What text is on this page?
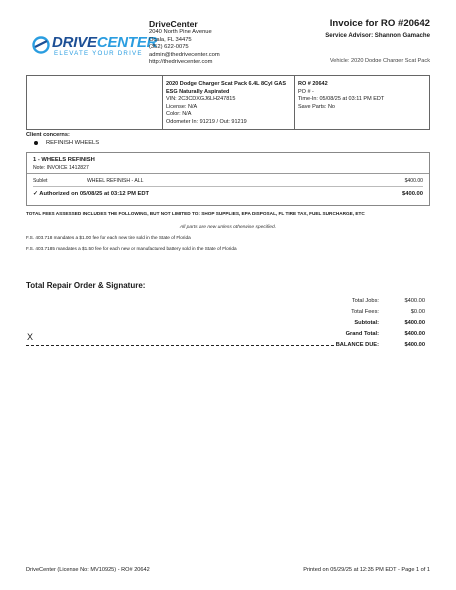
DRIVECENTER
ELEVATE YOUR DRIVE
DriveCenter
2040 North Pine Avenue
Ocala, FL 34475
(352) 622-0075
admin@thedrivecenter.com
http://thedrivecenter.com
Invoice for RO #20642
Service Advisor: Shannon Gamache
Vehicle: 2020 Dodge Charger Scat Pack
2020 Dodge Charger Scat Pack 6.4L 8Cyl GAS
ESG Naturally Aspirated
VIN: 2C3CDXGJ6LH247815
License: N/A
Color: N/A
Odometer In: 91219 / Out: 91219
RO # 20642
PO # -
Time-In: 05/08/25 at 03:11 PM EDT
Save Parts: No
Client concerns:
REFINISH WHEELS
1 - WHEELS REFINISH
Note: INVOICE 1412827
Sublet	WHEEL REFINISH - ALL	$400.00
✓ Authorized on 05/08/25 at 03:12 PM EDT	$400.00
TOTAL FEES ASSESSED INCLUDES THE FOLLOWING, BUT NOT LIMITED TO: SHOP SUPPLIES, EPA DISPOSAL, FL TIRE TAX, FUEL SURCHARGE, ETC
All parts are new unless otherwise specified.
F.S. 403.718 mandates a $1.00 fee for each new tire sold in the State of Florida
F.S. 403.7185 mandates a $1.50 fee for each new or manufactured battery sold in the State of Florida
Total Repair Order & Signature:
Total Jobs:	$400.00
Total Fees:	$0.00
Subtotal:	$400.00
Grand Total:	$400.00
BALANCE DUE:	$400.00
X
DriveCenter (License No: MV10925) - RO# 20642	Printed on 05/29/25 at 12:35 PM EDT - Page 1 of 1
